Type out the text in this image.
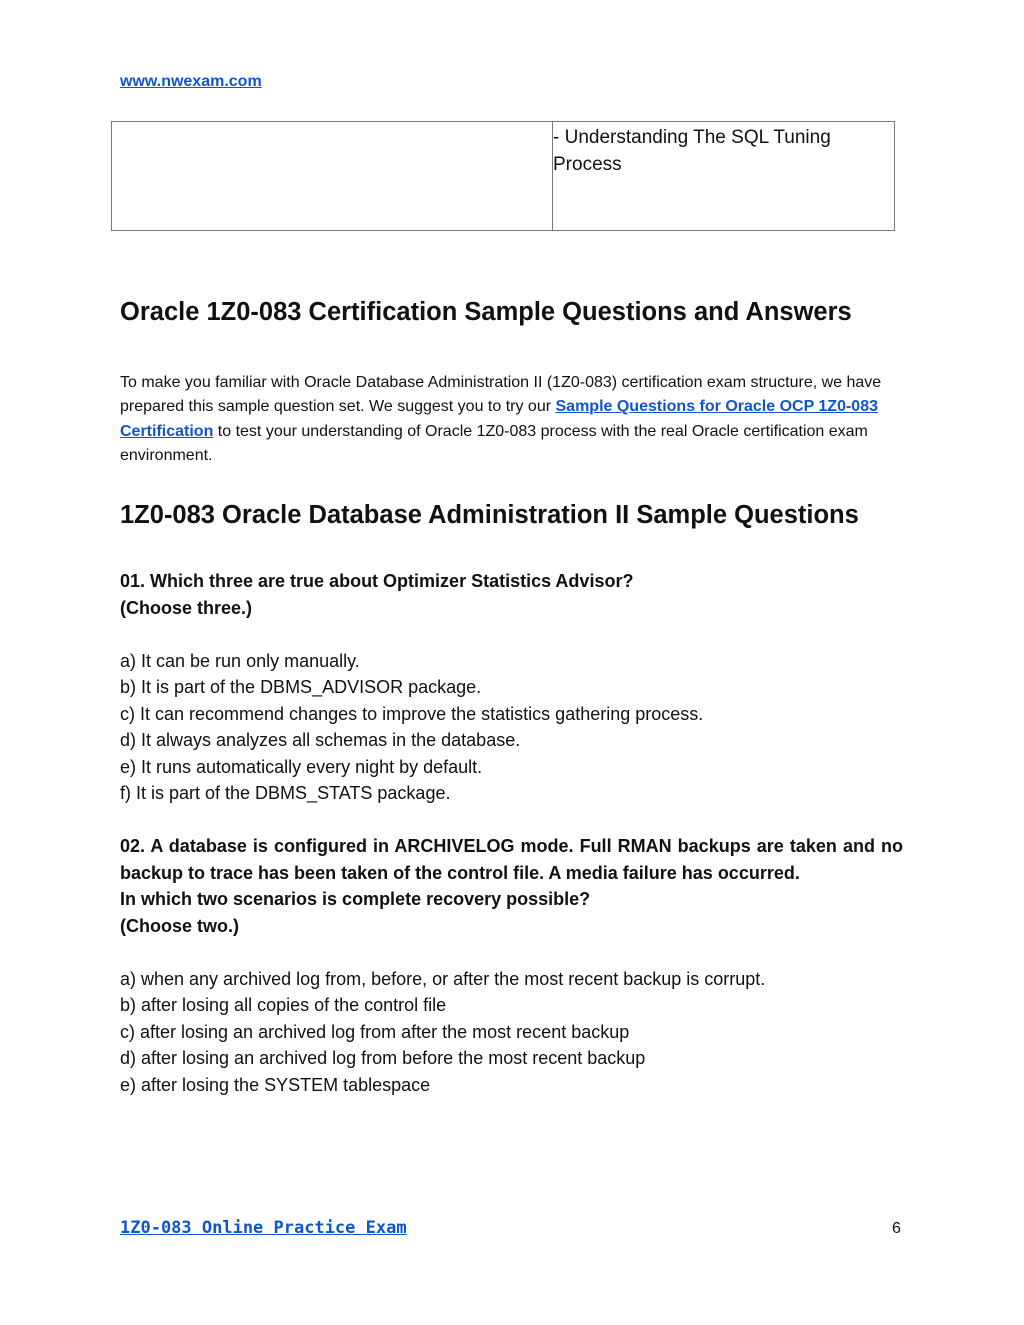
www.nwexam.com
- Understanding The SQL Tuning Process
Oracle 1Z0-083 Certification Sample Questions and Answers

To make you familiar with Oracle Database Administration II (1Z0-083) certification exam structure, we have prepared this sample question set. We suggest you to try our Sample Questions for Oracle OCP 1Z0-083 Certification to test your understanding of Oracle 1Z0-083 process with the real Oracle certification exam environment.

1Z0-083 Oracle Database Administration II Sample Questions
01. Which three are true about Optimizer Statistics Advisor?
(Choose three.)
a) It can be run only manually.
b) It is part of the DBMS_ADVISOR package.
c) It can recommend changes to improve the statistics gathering process.
d) It always analyzes all schemas in the database.
e) It runs automatically every night by default.
f) It is part of the DBMS_STATS package.
02. A database is configured in ARCHIVELOG mode. Full RMAN backups are taken and no backup to trace has been taken of the control file. A media failure has occurred.
In which two scenarios is complete recovery possible?
(Choose two.)
a) when any archived log from, before, or after the most recent backup is corrupt.
b) after losing all copies of the control file
c) after losing an archived log from after the most recent backup
d) after losing an archived log from before the most recent backup
e) after losing the SYSTEM tablespace
1Z0-083 Online Practice Exam	6
